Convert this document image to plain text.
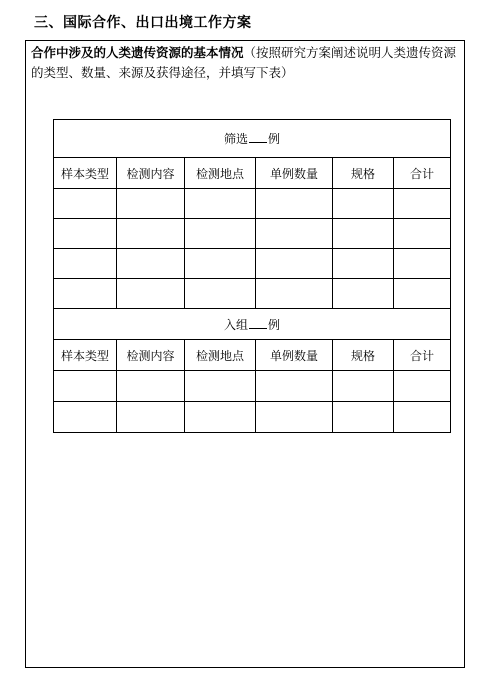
三、国际合作、出口出境工作方案
合作中涉及的人类遗传资源的基本情况（按照研究方案阐述说明人类遗传资源的类型、数量、来源及获得途径，并填写下表）
筛选 例					
样本类型	检测内容	检测地点	单例数量	规格	合计

入组 例					
样本类型	检测内容	检测地点	单例数量	规格	合计
